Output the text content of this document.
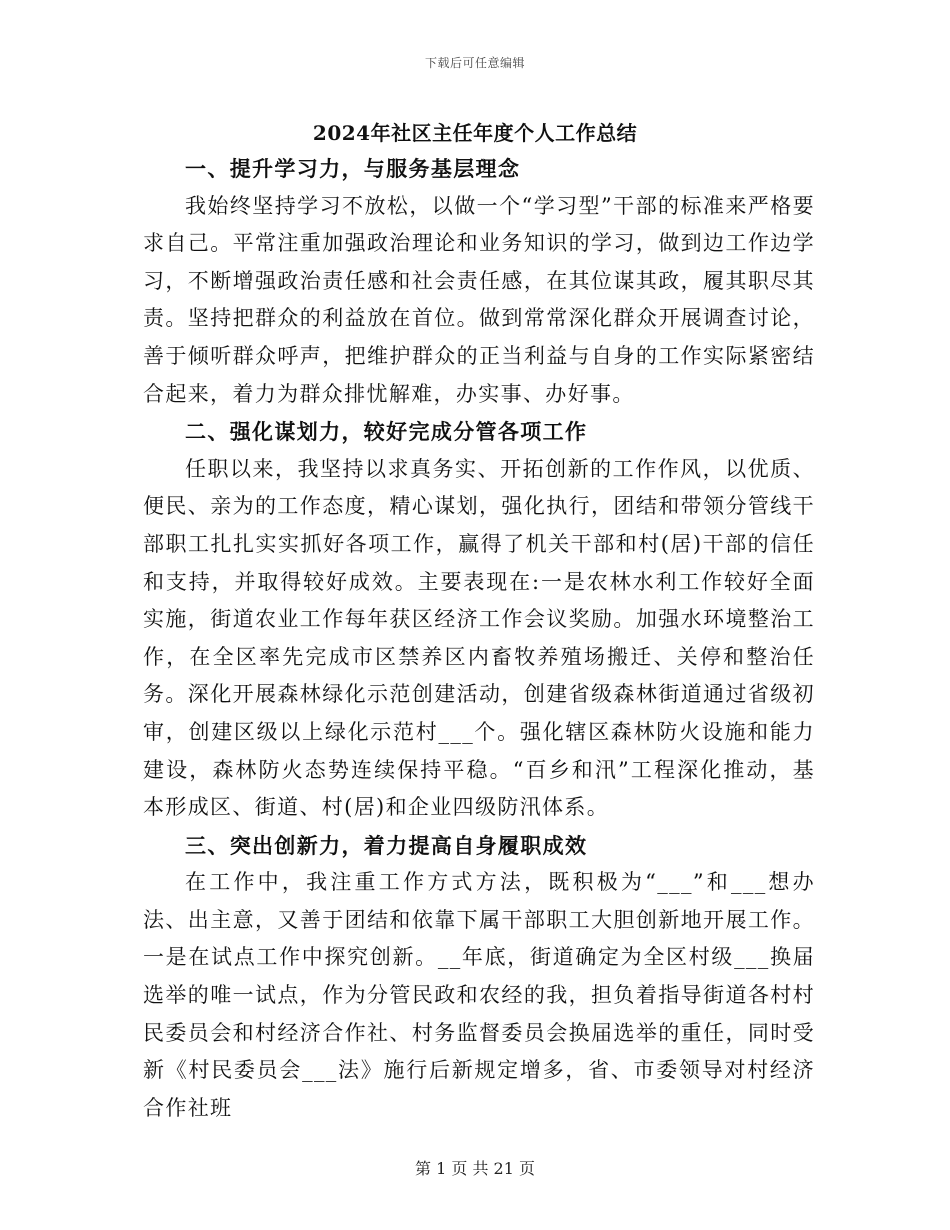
下载后可任意编辑
2024年社区主任年度个人工作总结
一、提升学习力，与服务基层理念

我始终坚持学习不放松，以做一个“学习型”干部的标准来严格要求自己。平常注重加强政治理论和业务知识的学习，做到边工作边学习，不断增强政治责任感和社会责任感，在其位谋其政，履其职尽其责。坚持把群众的利益放在首位。做到常常深化群众开展调查讨论，善于倾听群众呼声，把维护群众的正当利益与自身的工作实际紧密结合起来，着力为群众排忧解难，办实事、办好事。

二、强化谋划力，较好完成分管各项工作

任职以来，我坚持以求真务实、开拓创新的工作作风，以优质、便民、亲为的工作态度，精心谋划，强化执行，团结和带领分管线干部职工扎扎实实抓好各项工作，赢得了机关干部和村(居)干部的信任和支持，并取得较好成效。主要表现在:一是农林水利工作较好全面实施，街道农业工作每年获区经济工作会议奖励。加强水环境整治工作，在全区率先完成市区禁养区内畜牧养殖场搬迁、关停和整治任务。深化开展森林绿化示范创建活动，创建省级森林街道通过省级初审，创建区级以上绿化示范村___个。强化辖区森林防火设施和能力建设，森林防火态势连续保持平稳。“百乡和汛”工程深化推动，基本形成区、街道、村(居)和企业四级防汛体系。

三、突出创新力，着力提高自身履职成效

在工作中，我注重工作方式方法，既积极为“___”和___想办法、出主意，又善于团结和依靠下属干部职工大胆创新地开展工作。一是在试点工作中探究创新。__年底，街道确定为全区村级___换届选举的唯一试点，作为分管民政和农经的我，担负着指导街道各村村民委员会和村经济合作社、村务监督委员会换届选举的重任，同时受新《村民委员会___法》施行后新规定增多，省、市委领导对村经济合作社班

第 1 页 共 21 页
